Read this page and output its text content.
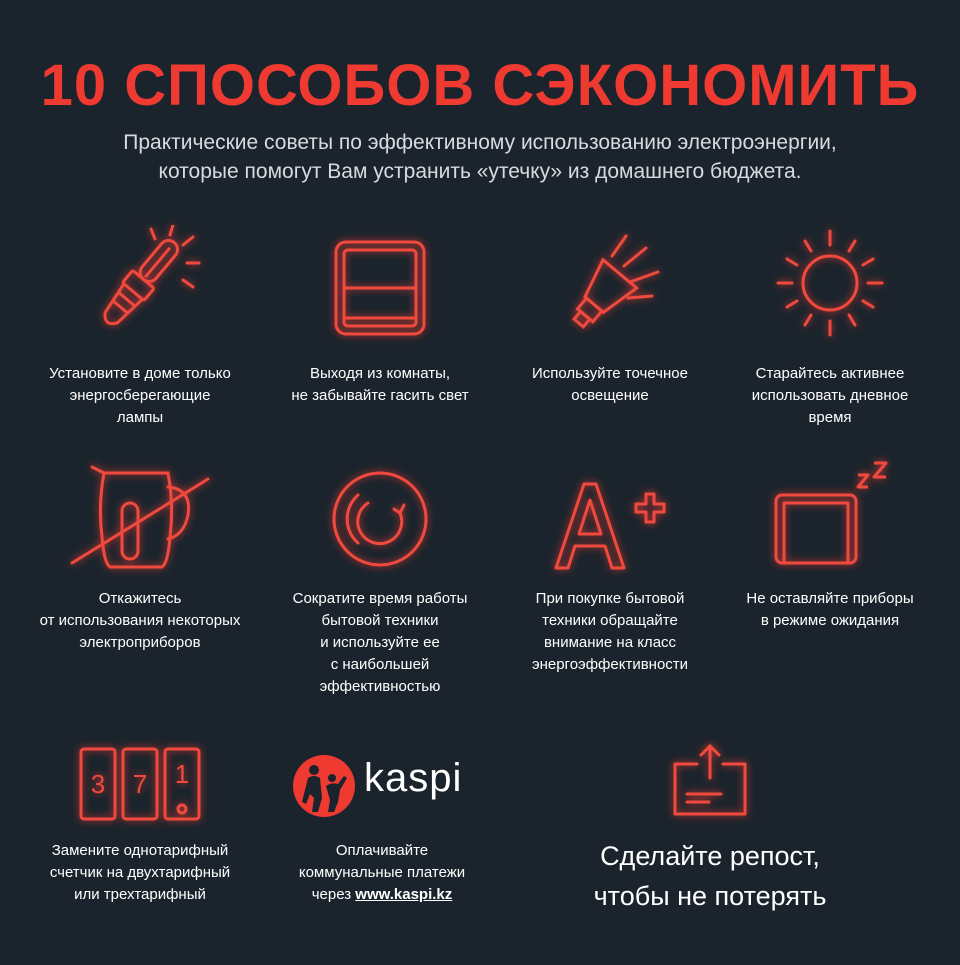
10 СПОСОБОВ СЭКОНОМИТЬ
Практические советы по эффективному использованию электроэнергии,
которые помогут Вам устранить «утечку» из домашнего бюджета.
Установите в доме только
энергосберегающие
лампы
Выходя из комнаты,
не забывайте гасить свет
Используйте точечное
освещение
Старайтесь активнее
использовать дневное
время
Откажитесь
от использования некоторых
электроприборов
Сократите время работы
бытовой техники
и используйте ее
с наибольшей
эффективностью
При покупке бытовой
техники обращайте
внимание на класс
энергоэффективности
Не оставляйте приборы
в режиме ожидания
3 7 1
Замените однотарифный
счетчик на двухтарифный
или трехтарифный
kaspi
Оплачивайте
коммунальные платежи
через www.kaspi.kz
Сделайте репост,
чтобы не потерять
